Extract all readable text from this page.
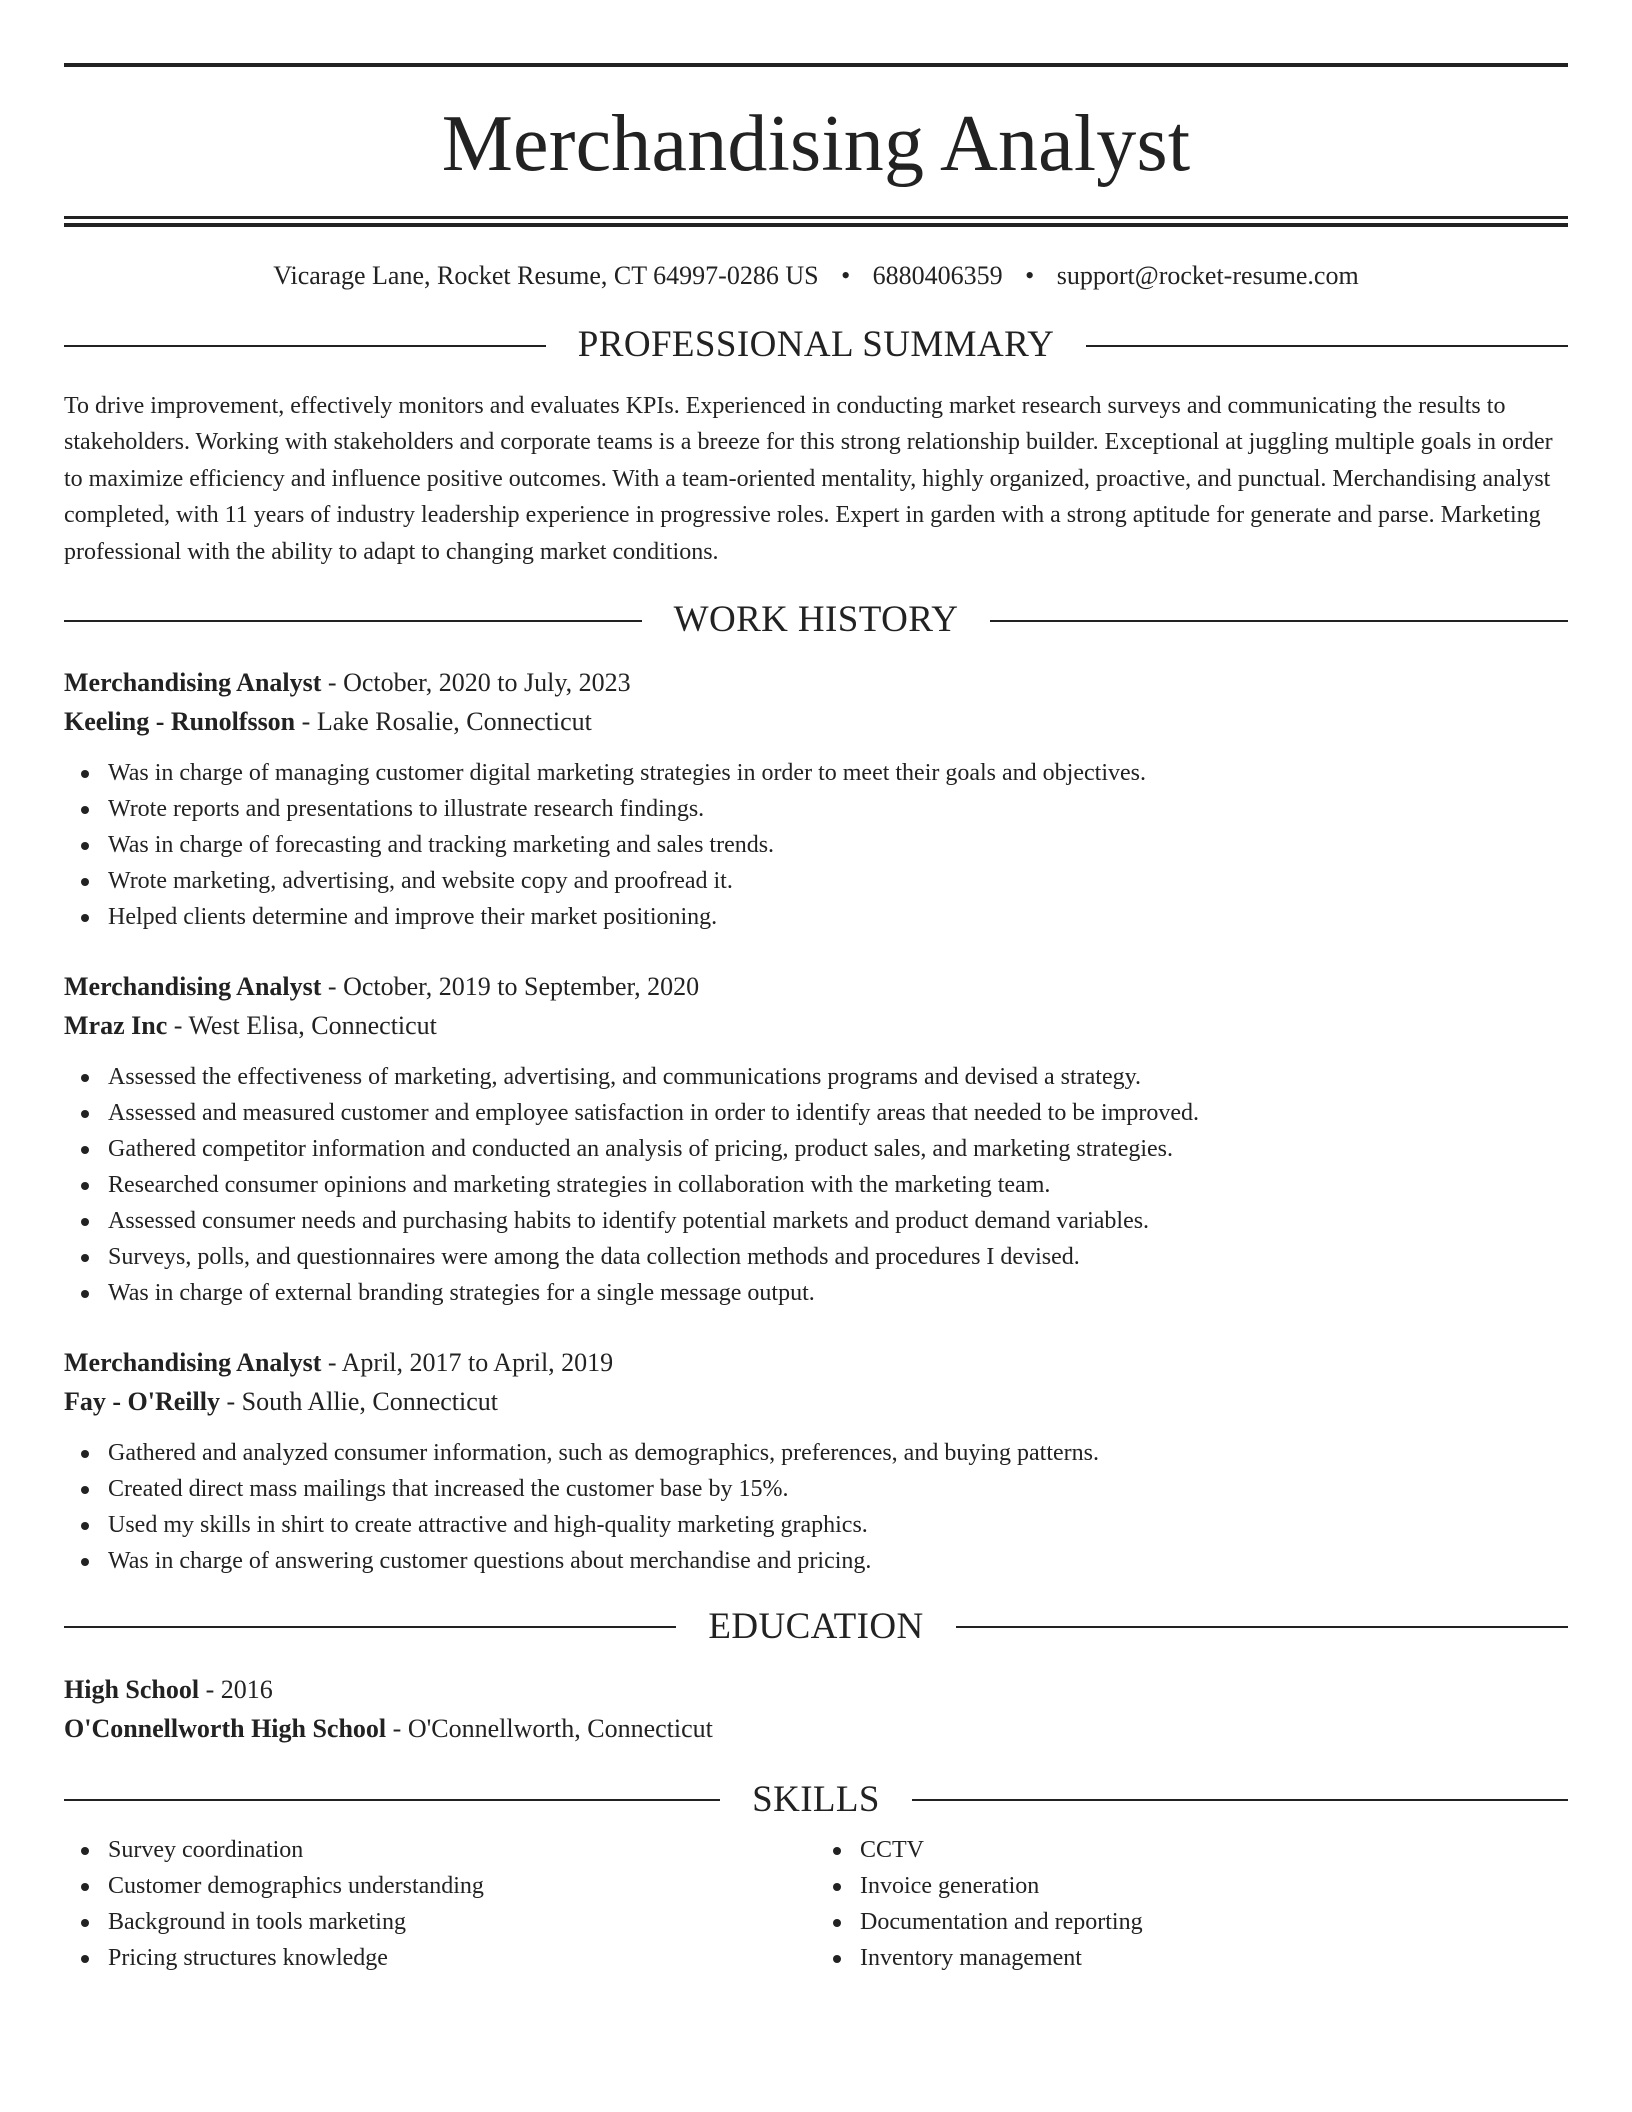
Merchandising Analyst
Vicarage Lane, Rocket Resume, CT 64997-0286 US • 6880406359 • support@rocket-resume.com
PROFESSIONAL SUMMARY
To drive improvement, effectively monitors and evaluates KPIs. Experienced in conducting market research surveys and communicating the results to stakeholders. Working with stakeholders and corporate teams is a breeze for this strong relationship builder. Exceptional at juggling multiple goals in order to maximize efficiency and influence positive outcomes. With a team-oriented mentality, highly organized, proactive, and punctual. Merchandising analyst completed, with 11 years of industry leadership experience in progressive roles. Expert in garden with a strong aptitude for generate and parse. Marketing professional with the ability to adapt to changing market conditions.
WORK HISTORY
Merchandising Analyst - October, 2020 to July, 2023
Keeling - Runolfsson - Lake Rosalie, Connecticut
Was in charge of managing customer digital marketing strategies in order to meet their goals and objectives.
Wrote reports and presentations to illustrate research findings.
Was in charge of forecasting and tracking marketing and sales trends.
Wrote marketing, advertising, and website copy and proofread it.
Helped clients determine and improve their market positioning.
Merchandising Analyst - October, 2019 to September, 2020
Mraz Inc - West Elisa, Connecticut
Assessed the effectiveness of marketing, advertising, and communications programs and devised a strategy.
Assessed and measured customer and employee satisfaction in order to identify areas that needed to be improved.
Gathered competitor information and conducted an analysis of pricing, product sales, and marketing strategies.
Researched consumer opinions and marketing strategies in collaboration with the marketing team.
Assessed consumer needs and purchasing habits to identify potential markets and product demand variables.
Surveys, polls, and questionnaires were among the data collection methods and procedures I devised.
Was in charge of external branding strategies for a single message output.
Merchandising Analyst - April, 2017 to April, 2019
Fay - O'Reilly - South Allie, Connecticut
Gathered and analyzed consumer information, such as demographics, preferences, and buying patterns.
Created direct mass mailings that increased the customer base by 15%.
Used my skills in shirt to create attractive and high-quality marketing graphics.
Was in charge of answering customer questions about merchandise and pricing.
EDUCATION
High School - 2016
O'Connellworth High School - O'Connellworth, Connecticut
SKILLS
Survey coordination
Customer demographics understanding
Background in tools marketing
Pricing structures knowledge
CCTV
Invoice generation
Documentation and reporting
Inventory management
